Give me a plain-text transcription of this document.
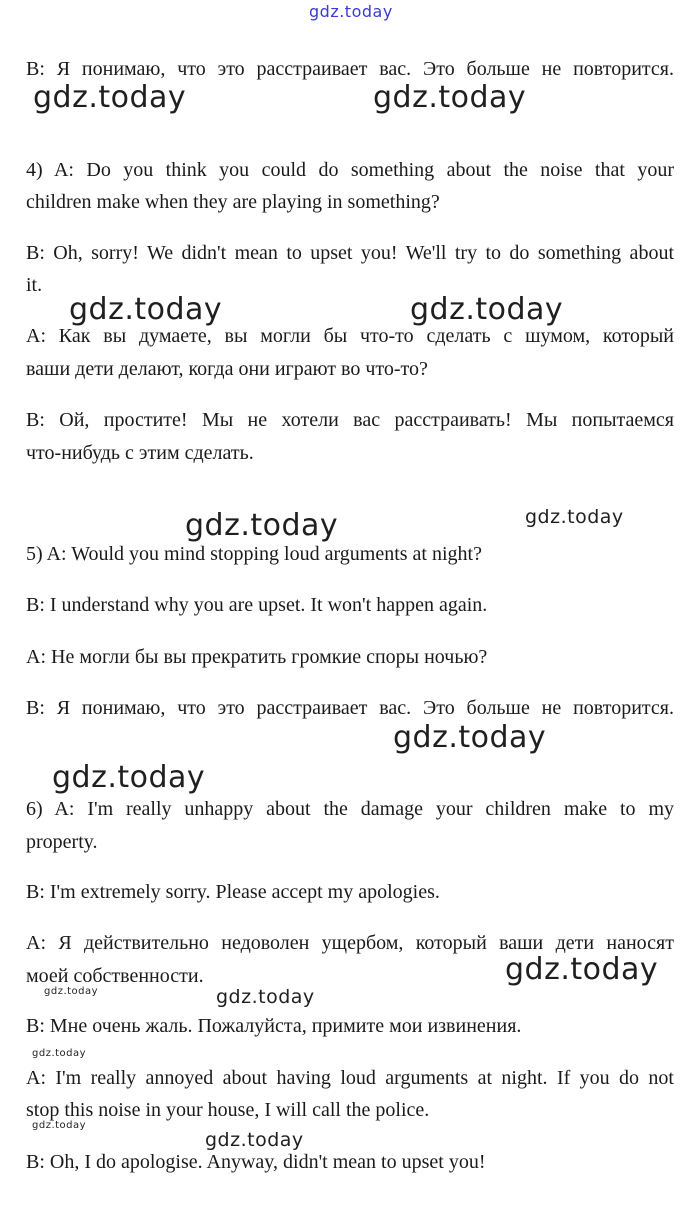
gdz.today
gdz.today	gdz.today
gdz.today	gdz.today
gdz.today	gdz.today
gdz.today
gdz.today
gdz.today
gdz.today	gdz.today
gdz.today
gdz.today
gdz.today
B: Я понимаю, что это расстраивает вас. Это больше не повторится.
4) A: Do you think you could do something about the noise that your
children make when they are playing in something?
B: Oh, sorry! We didn't mean to upset you! We'll try to do something about
it.
A: Как вы думаете, вы могли бы что-то сделать с шумом, который
ваши дети делают, когда они играют во что-то?
B: Ой, простите! Мы не хотели вас расстраивать! Мы попытаемся
что-нибудь с этим сделать.
5) A: Would you mind stopping loud arguments at night?
B: I understand why you are upset. It won't happen again.
A: Не могли бы вы прекратить громкие споры ночью?
B: Я понимаю, что это расстраивает вас. Это больше не повторится.
6) A: I'm really unhappy about the damage your children make to my
property.
B: I'm extremely sorry. Please accept my apologies.
A: Я действительно недоволен ущербом, который ваши дети наносят
моей собственности.
B: Мне очень жаль. Пожалуйста, примите мои извинения.
A: I'm really annoyed about having loud arguments at night. If you do not
stop this noise in your house, I will call the police.
B: Oh, I do apologise. Anyway, didn't mean to upset you!
